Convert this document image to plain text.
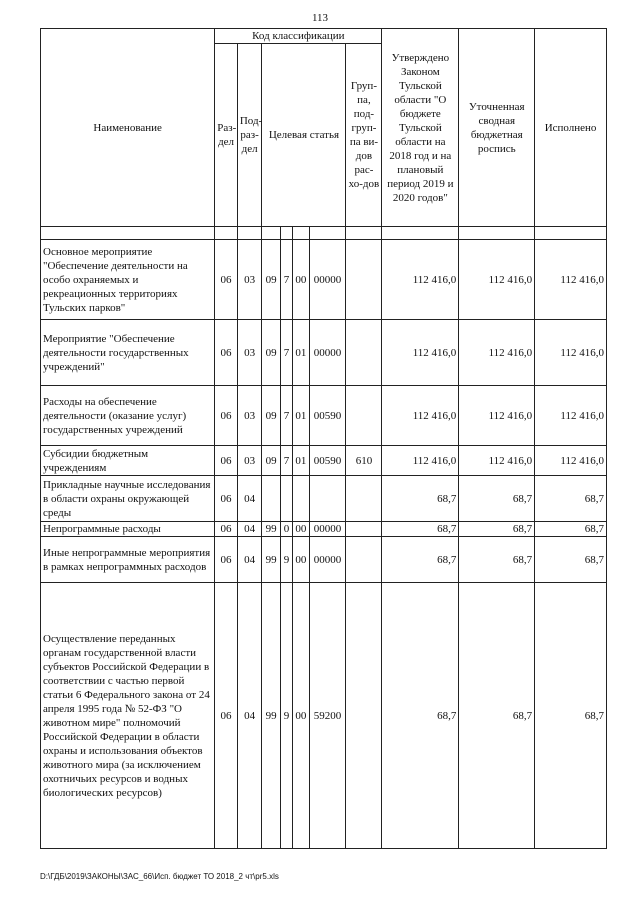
113
Наименование	Код классификации							Утверждено Законом Тульской области "О бюджете Тульской области на 2018 год и на плановый период 2019 и 2020 годов"	Уточненная сводная бюджетная роспись	Исполнено
	Раз-дел	Под-раз-дел	Целевая статья				Груп-па, под-груп-па ви-дов рас-хо-дов			

Основное мероприятие "Обеспечение деятельности на особо охраняемых и рекреационных территориях Тульских парков"	06	03	09	7	00	00000		112 416,0	112 416,0	112 416,0
Мероприятие "Обеспечение деятельности государственных учреждений"	06	03	09	7	01	00000		112 416,0	112 416,0	112 416,0
Расходы на обеспечение деятельности (оказание услуг) государственных учреждений	06	03	09	7	01	00590		112 416,0	112 416,0	112 416,0
Субсидии бюджетным учреждениям	06	03	09	7	01	00590	610	112 416,0	112 416,0	112 416,0
Прикладные научные исследования в области охраны окружающей среды	06	04						68,7	68,7	68,7
Непрограммные расходы	06	04	99	0	00	00000		68,7	68,7	68,7
Иные непрограммные мероприятия в рамках непрограммных расходов	06	04	99	9	00	00000		68,7	68,7	68,7
Осуществление переданных органам государственной власти субъектов Российской Федерации в соответствии с частью первой статьи 6 Федерального закона от 24 апреля 1995 года № 52-ФЗ "О животном мире" полномочий Российской Федерации в области охраны и использования объектов животного мира (за исключением охотничьих ресурсов и водных биологических ресурсов)	06	04	99	9	00	59200		68,7	68,7	68,7
D:\ГДБ\2019\ЗАКОНЫ\ЗАС_66\Исп. бюджет ТО 2018_2 чт\pr5.xls
